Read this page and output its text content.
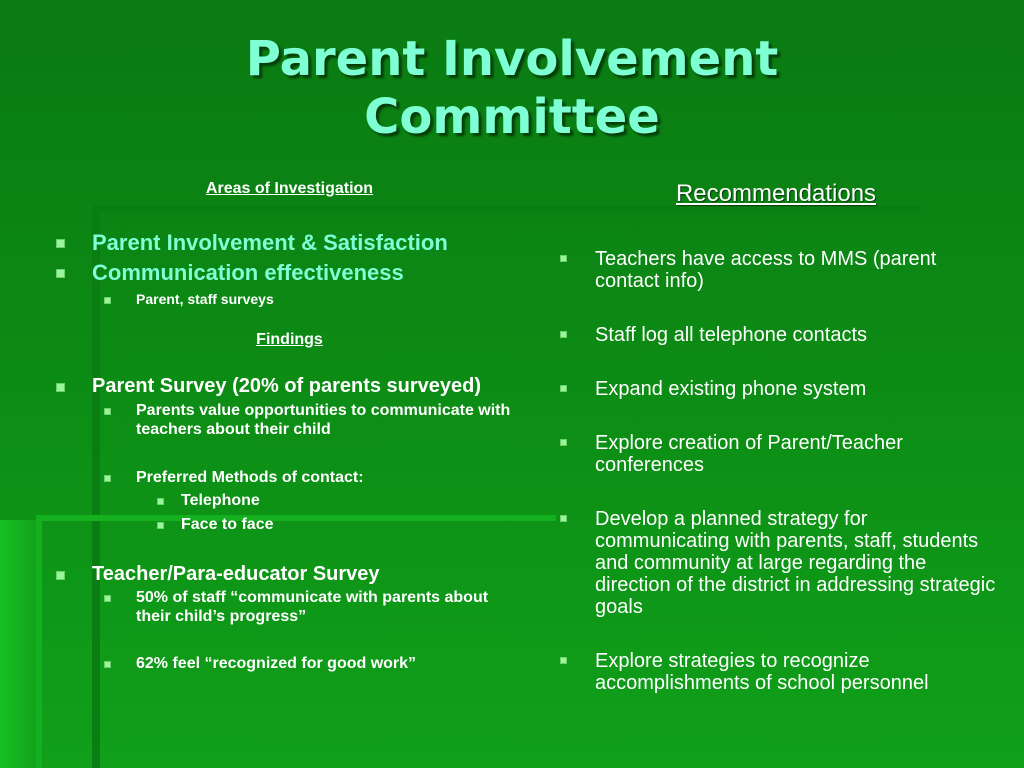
Parent Involvement
Committee
Areas of Investigation
Parent Involvement & Satisfaction
Communication effectiveness
Parent, staff surveys
Findings
Parent Survey (20% of parents surveyed)
Parents value opportunities to communicate with teachers about their child
Preferred Methods of contact:
Telephone
Face to face
Teacher/Para-educator Survey
50% of staff “communicate with parents about their child’s progress”
62% feel “recognized for good work”
Recommendations
Teachers have access to MMS (parent contact info)
Staff log all telephone contacts
Expand existing phone system
Explore creation of Parent/Teacher conferences
Develop a planned strategy for communicating with parents, staff, students and community at large regarding the direction of the district in addressing strategic goals
Explore strategies to recognize accomplishments of school personnel
